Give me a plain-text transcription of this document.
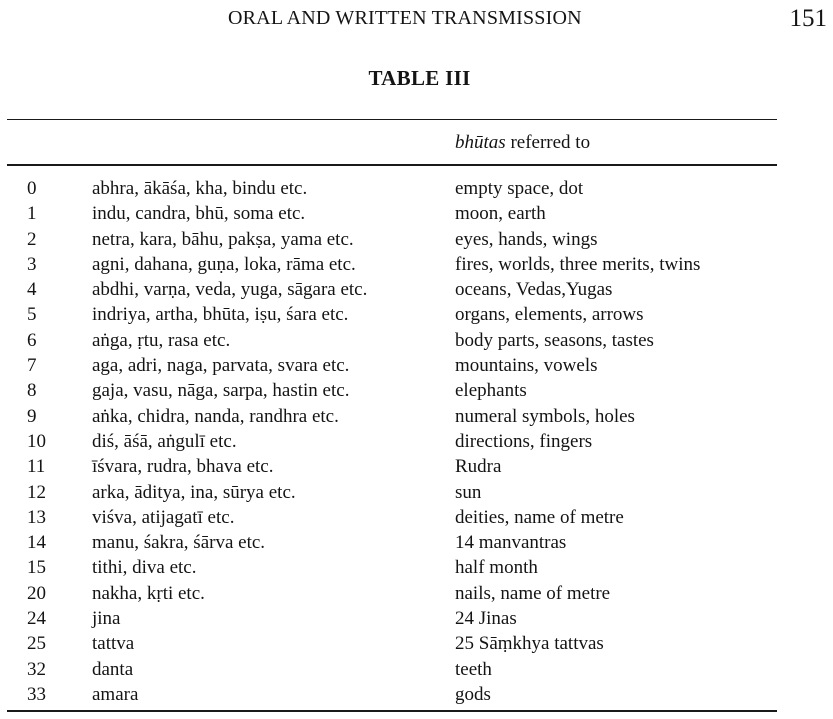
ORAL AND WRITTEN TRANSMISSION	151
TABLE III
bhūtas referred to
0	abhra, ākāśa, kha, bindu etc.	empty space, dot
1	indu, candra, bhū, soma etc.	moon, earth
2	netra, kara, bāhu, pakṣa, yama etc.	eyes, hands, wings
3	agni, dahana, guṇa, loka, rāma etc.	fires, worlds, three merits, twins
4	abdhi, varṇa, veda, yuga, sāgara etc.	oceans, Vedas,Yugas
5	indriya, artha, bhūta, iṣu, śara etc.	organs, elements, arrows
6	aṅga, ṛtu, rasa etc.	body parts, seasons, tastes
7	aga, adri, naga, parvata, svara etc.	mountains, vowels
8	gaja, vasu, nāga, sarpa, hastin etc.	elephants
9	aṅka, chidra, nanda, randhra etc.	numeral symbols, holes
10 diś, āśā, aṅgulī etc.	directions, fingers
11 īśvara, rudra, bhava etc.	Rudra
12 arka, āditya, ina, sūrya etc.	sun
13 viśva, atijagatī etc.	deities, name of metre
14 manu, śakra, śārva etc.	14 manvantras
15 tithi, diva etc.	half month
20 nakha, kṛti etc.	nails, name of metre
24 jina	24 Jinas
25 tattva	25 Sāṃkhya tattvas
32 danta	teeth
33 amara	gods
